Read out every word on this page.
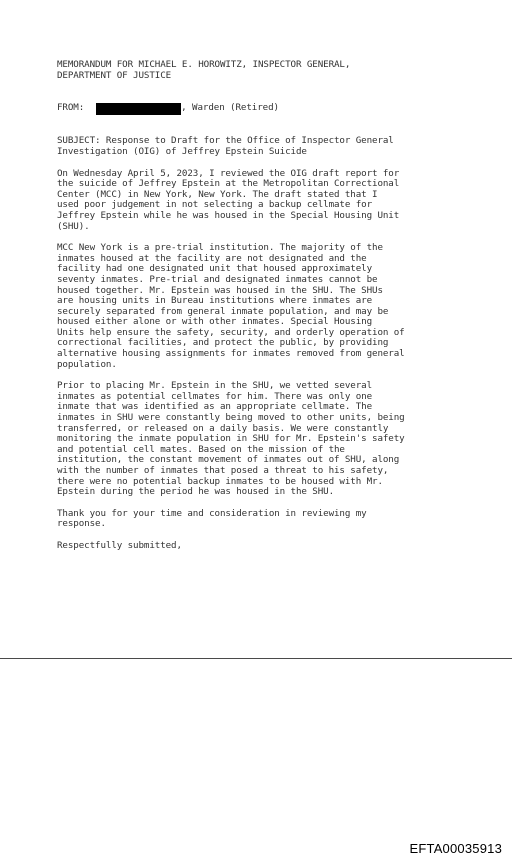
MEMORANDUM FOR MICHAEL E. HOROWITZ, INSPECTOR GENERAL,
DEPARTMENT OF JUSTICE

FROM:	, Warden (Retired)

SUBJECT: Response to Draft for the Office of Inspector General
Investigation (OIG) of Jeffrey Epstein Suicide

On Wednesday April 5, 2023, I reviewed the OIG draft report for
the suicide of Jeffrey Epstein at the Metropolitan Correctional
Center (MCC) in New York, New York. The draft stated that I
used poor judgement in not selecting a backup cellmate for
Jeffrey Epstein while he was housed in the Special Housing Unit
(SHU).

MCC New York is a pre-trial institution. The majority of the
inmates housed at the facility are not designated and the
facility had one designated unit that housed approximately
seventy inmates. Pre-trial and designated inmates cannot be
housed together. Mr. Epstein was housed in the SHU. The SHUs
are housing units in Bureau institutions where inmates are
securely separated from general inmate population, and may be
housed either alone or with other inmates. Special Housing
Units help ensure the safety, security, and orderly operation of
correctional facilities, and protect the public, by providing
alternative housing assignments for inmates removed from general
population.

Prior to placing Mr. Epstein in the SHU, we vetted several
inmates as potential cellmates for him. There was only one
inmate that was identified as an appropriate cellmate. The
inmates in SHU were constantly being moved to other units, being
transferred, or released on a daily basis. We were constantly
monitoring the inmate population in SHU for Mr. Epstein's safety
and potential cell mates. Based on the mission of the
institution, the constant movement of inmates out of SHU, along
with the number of inmates that posed a threat to his safety,
there were no potential backup inmates to be housed with Mr.
Epstein during the period he was housed in the SHU.

Thank you for your time and consideration in reviewing my
response.

Respectfully submitted,

EFTA00035913
